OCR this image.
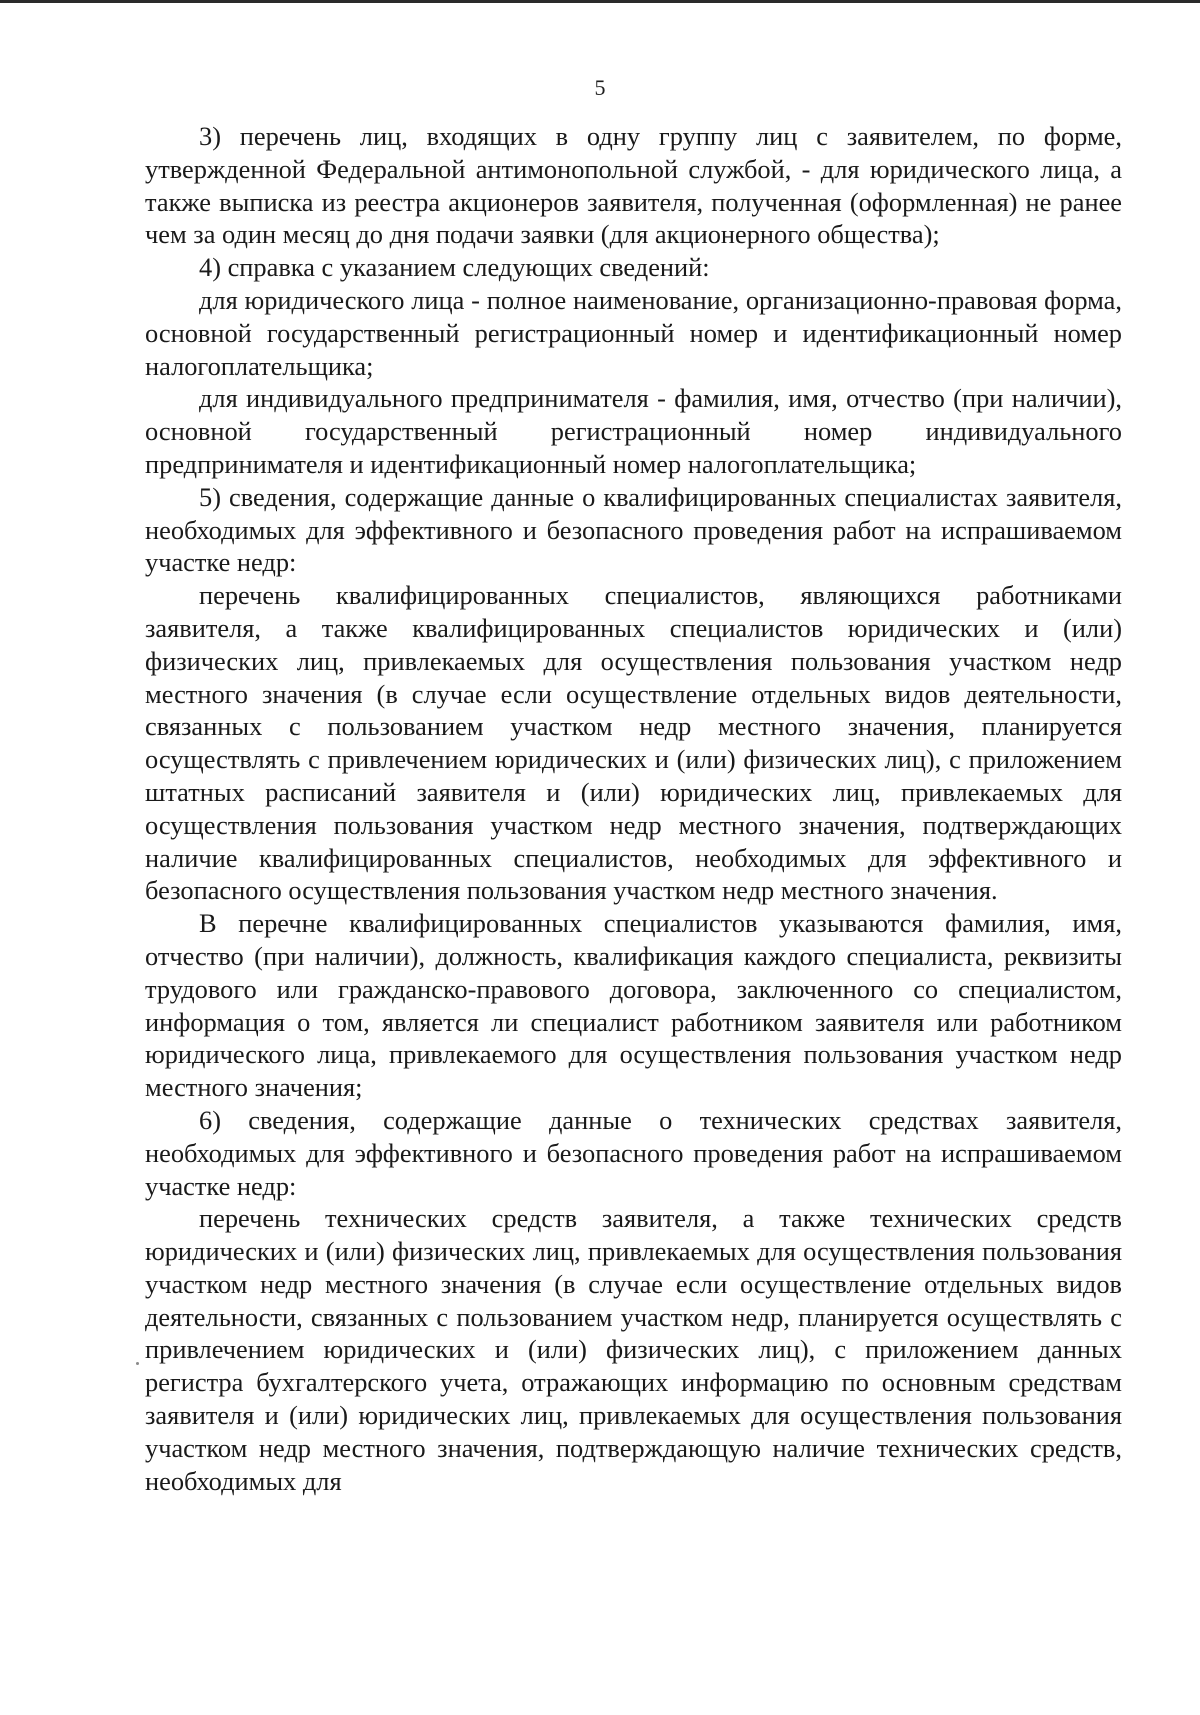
5

3) перечень лиц, входящих в одну группу лиц с заявителем, по форме, утвержденной Федеральной антимонопольной службой, - для юридического лица, а также выписка из реестра акционеров заявителя, полученная (оформленная) не ранее чем за один месяц до дня подачи заявки (для акционерного общества);

4) справка с указанием следующих сведений:

для юридического лица - полное наименование, организационно-правовая форма, основной государственный регистрационный номер и идентификационный номер налогоплательщика;

для индивидуального предпринимателя - фамилия, имя, отчество (при наличии), основной государственный регистрационный номер индивидуального предпринимателя и идентификационный номер налогоплательщика;

5) сведения, содержащие данные о квалифицированных специалистах заявителя, необходимых для эффективного и безопасного проведения работ на испрашиваемом участке недр:

перечень квалифицированных специалистов, являющихся работниками заявителя, а также квалифицированных специалистов юридических и (или) физических лиц, привлекаемых для осуществления пользования участком недр местного значения (в случае если осуществление отдельных видов деятельности, связанных с пользованием участком недр местного значения, планируется осуществлять с привлечением юридических и (или) физических лиц), с приложением штатных расписаний заявителя и (или) юридических лиц, привлекаемых для осуществления пользования участком недр местного значения, подтверждающих наличие квалифицированных специалистов, необходимых для эффективного и безопасного осуществления пользования участком недр местного значения.

В перечне квалифицированных специалистов указываются фамилия, имя, отчество (при наличии), должность, квалификация каждого специалиста, реквизиты трудового или гражданско-правового договора, заключенного со специалистом, информация о том, является ли специалист работником заявителя или работником юридического лица, привлекаемого для осуществления пользования участком недр местного значения;

6) сведения, содержащие данные о технических средствах заявителя, необходимых для эффективного и безопасного проведения работ на испрашиваемом участке недр:

перечень технических средств заявителя, а также технических средств юридических и (или) физических лиц, привлекаемых для осуществления пользования участком недр местного значения (в случае если осуществление отдельных видов деятельности, связанных с пользованием участком недр, планируется осуществлять с привлечением юридических и (или) физических лиц), с приложением данных регистра бухгалтерского учета, отражающих информацию по основным средствам заявителя и (или) юридических лиц, привлекаемых для осуществления пользования участком недр местного значения, подтверждающую наличие технических средств, необходимых для
